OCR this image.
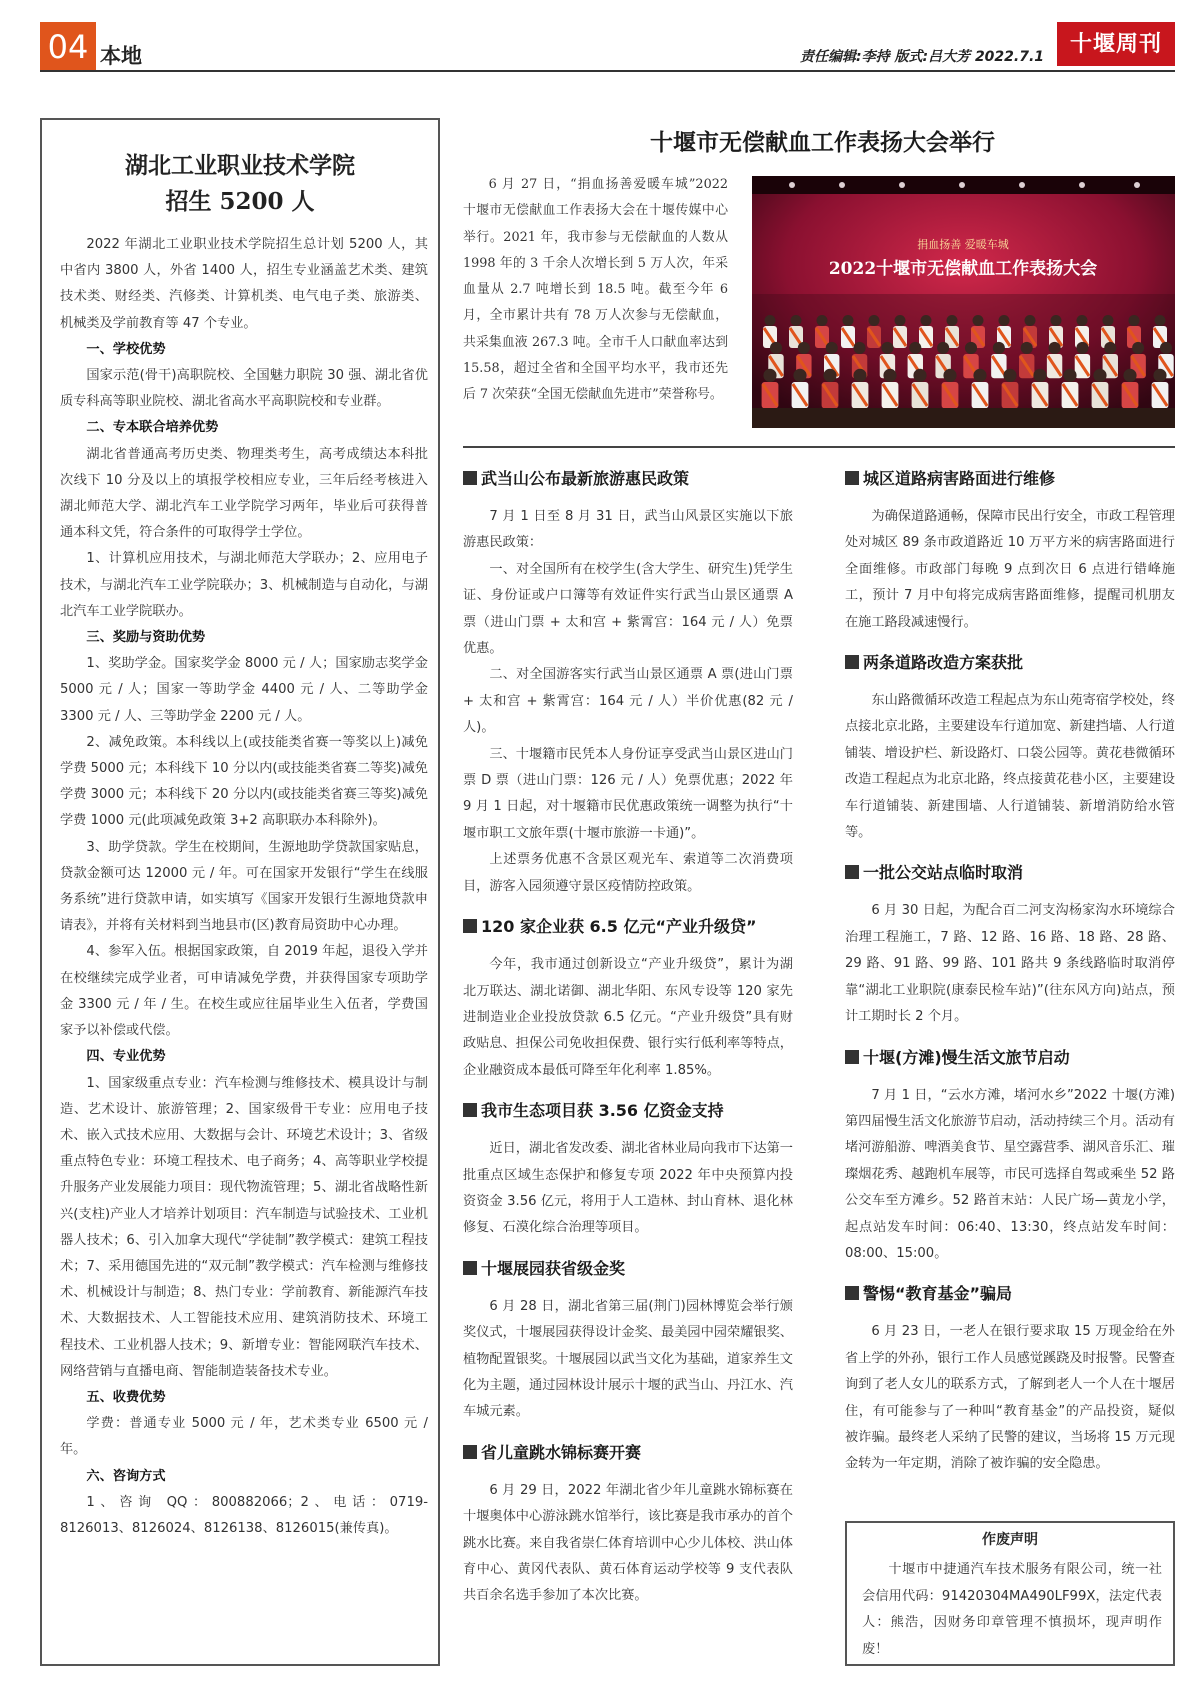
04 本地	责任编辑:李持 版式:吕大芳 2022.7.1	十堰周刊
湖北工业职业技术学院
招生 5200 人

2022 年湖北工业职业技术学院招生总计划 5200 人，其中省内 3800 人，外省 1400 人，招生专业涵盖艺术类、建筑技术类、财经类、汽修类、计算机类、电气电子类、旅游类、机械类及学前教育等 47 个专业。

一、学校优势

国家示范(骨干)高职院校、全国魅力职院 30 强、湖北省优质专科高等职业院校、湖北省高水平高职院校和专业群。

二、专本联合培养优势

湖北省普通高考历史类、物理类考生，高考成绩达本科批次线下 10 分及以上的填报学校相应专业，三年后经考核进入湖北师范大学、湖北汽车工业学院学习两年，毕业后可获得普通本科文凭，符合条件的可取得学士学位。

1、计算机应用技术，与湖北师范大学联办；2、应用电子技术，与湖北汽车工业学院联办；3、机械制造与自动化，与湖北汽车工业学院联办。

三、奖励与资助优势

1、奖助学金。国家奖学金 8000 元 / 人；国家励志奖学金 5000 元 / 人；国家一等助学金 4400 元 / 人、二等助学金 3300 元 / 人、三等助学金 2200 元 / 人。

2、减免政策。本科线以上(或技能类省赛一等奖以上)减免学费 5000 元；本科线下 10 分以内(或技能类省赛二等奖)减免学费 3000 元；本科线下 20 分以内(或技能类省赛三等奖)减免学费 1000 元(此项减免政策 3+2 高职联办本科除外)。

3、助学贷款。学生在校期间，生源地助学贷款国家贴息，贷款金额可达 12000 元 / 年。可在国家开发银行“学生在线服务系统”进行贷款申请，如实填写《国家开发银行生源地贷款申请表》，并将有关材料到当地县市(区)教育局资助中心办理。

4、参军入伍。根据国家政策，自 2019 年起，退役入学并在校继续完成学业者，可申请减免学费，并获得国家专项助学金 3300 元 / 年 / 生。在校生或应往届毕业生入伍者，学费国家予以补偿或代偿。

四、专业优势

1、国家级重点专业：汽车检测与维修技术、模具设计与制造、艺术设计、旅游管理；2、国家级骨干专业：应用电子技术、嵌入式技术应用、大数据与会计、环境艺术设计；3、省级重点特色专业：环境工程技术、电子商务；4、高等职业学校提升服务产业发展能力项目：现代物流管理；5、湖北省战略性新兴(支柱)产业人才培养计划项目：汽车制造与试验技术、工业机器人技术；6、引入加拿大现代“学徒制”教学模式：建筑工程技术；7、采用德国先进的“双元制”教学模式：汽车检测与维修技术、机械设计与制造；8、热门专业：学前教育、新能源汽车技术、大数据技术、人工智能技术应用、建筑消防技术、环境工程技术、工业机器人技术；9、新增专业：智能网联汽车技术、网络营销与直播电商、智能制造装备技术专业。

五、收费优势

学费：普通专业 5000 元 / 年，艺术类专业 6500 元 / 年。

六、咨询方式

1、咨询 QQ：800882066；2、电话：0719-8126013、8126024、8126138、8126015(兼传真)。

十堰市无偿献血工作表扬大会举行

6 月 27 日，“捐血扬善爱暖车城”2022 十堰市无偿献血工作表扬大会在十堰传媒中心举行。2021 年，我市参与无偿献血的人数从 1998 年的 3 千余人次增长到 5 万人次，年采血量从 2.7 吨增长到 18.5 吨。截至今年 6 月，全市累计共有 78 万人次参与无偿献血，共采集血液 267.3 吨。全市千人口献血率达到 15.58，超过全省和全国平均水平，我市还先后 7 次荣获“全国无偿献血先进市”荣誉称号。

捐血扬善 爱暖车城
2022十堰市无偿献血工作表扬大会
武当山公布最新旅游惠民政策

7 月 1 日至 8 月 31 日，武当山风景区实施以下旅游惠民政策：

一、对全国所有在校学生(含大学生、研究生)凭学生证、身份证或户口簿等有效证件实行武当山景区通票 A 票（进山门票 + 太和宫 + 紫霄宫：164 元 / 人）免票优惠。

二、对全国游客实行武当山景区通票 A 票(进山门票 + 太和宫 + 紫霄宫：164 元 / 人）半价优惠(82 元 / 人)。

三、十堰籍市民凭本人身份证享受武当山景区进山门票 D 票（进山门票：126 元 / 人）免票优惠；2022 年 9 月 1 日起，对十堰籍市民优惠政策统一调整为执行“十堰市职工文旅年票(十堰市旅游一卡通)”。

上述票务优惠不含景区观光车、索道等二次消费项目，游客入园须遵守景区疫情防控政策。

120 家企业获 6.5 亿元“产业升级贷”

今年，我市通过创新设立“产业升级贷”，累计为湖北万联达、湖北诺御、湖北华阳、东风专设等 120 家先进制造业企业投放贷款 6.5 亿元。“产业升级贷”具有财政贴息、担保公司免收担保费、银行实行低利率等特点，企业融资成本最低可降至年化利率 1.85%。

我市生态项目获 3.56 亿资金支持

近日，湖北省发改委、湖北省林业局向我市下达第一批重点区域生态保护和修复专项 2022 年中央预算内投资资金 3.56 亿元，将用于人工造林、封山育林、退化林修复、石漠化综合治理等项目。

十堰展园获省级金奖

6 月 28 日，湖北省第三届(荆门)园林博览会举行颁奖仪式，十堰展园获得设计金奖、最美园中园荣耀银奖、植物配置银奖。十堰展园以武当文化为基础，道家养生文化为主题，通过园林设计展示十堰的武当山、丹江水、汽车城元素。

省儿童跳水锦标赛开赛

6 月 29 日，2022 年湖北省少年儿童跳水锦标赛在十堰奥体中心游泳跳水馆举行，该比赛是我市承办的首个跳水比赛。来自我省崇仁体育培训中心少儿体校、洪山体育中心、黄冈代表队、黄石体育运动学校等 9 支代表队共百余名选手参加了本次比赛。

城区道路病害路面进行维修

为确保道路通畅，保障市民出行安全，市政工程管理处对城区 89 条市政道路近 10 万平方米的病害路面进行全面维修。市政部门每晚 9 点到次日 6 点进行错峰施工，预计 7 月中旬将完成病害路面维修，提醒司机朋友在施工路段减速慢行。

两条道路改造方案获批

东山路微循环改造工程起点为东山苑寄宿学校处，终点接北京北路，主要建设车行道加宽、新建挡墙、人行道铺装、增设护栏、新设路灯、口袋公园等。黄花巷微循环改造工程起点为北京北路，终点接黄花巷小区，主要建设车行道铺装、新建围墙、人行道铺装、新增消防给水管等。

一批公交站点临时取消

6 月 30 日起，为配合百二河支沟杨家沟水环境综合治理工程施工，7 路、12 路、16 路、18 路、28 路、29 路、91 路、99 路、101 路共 9 条线路临时取消停靠“湖北工业职院(康泰民检车站)”(往东风方向)站点，预计工期时长 2 个月。

十堰(方滩)慢生活文旅节启动

7 月 1 日，“云水方滩，堵河水乡”2022 十堰(方滩)第四届慢生活文化旅游节启动，活动持续三个月。活动有堵河游船游、啤酒美食节、星空露营季、湖风音乐汇、璀璨烟花秀、越跑机车展等，市民可选择自驾或乘坐 52 路公交车至方滩乡。52 路首末站：人民广场—黄龙小学，起点站发车时间：06:40、13:30，终点站发车时间：08:00、15:00。

警惕“教育基金”骗局

6 月 23 日，一老人在银行要求取 15 万现金给在外省上学的外孙，银行工作人员感觉蹊跷及时报警。民警查询到了老人女儿的联系方式，了解到老人一个人在十堰居住，有可能参与了一种叫“教育基金”的产品投资，疑似被诈骗。最终老人采纳了民警的建议，当场将 15 万元现金转为一年定期，消除了被诈骗的安全隐患。

作废声明
十堰市中捷通汽车技术服务有限公司，统一社会信用代码：91420304MA490LF99X，法定代表人：熊浩，因财务印章管理不慎损坏，现声明作废！
